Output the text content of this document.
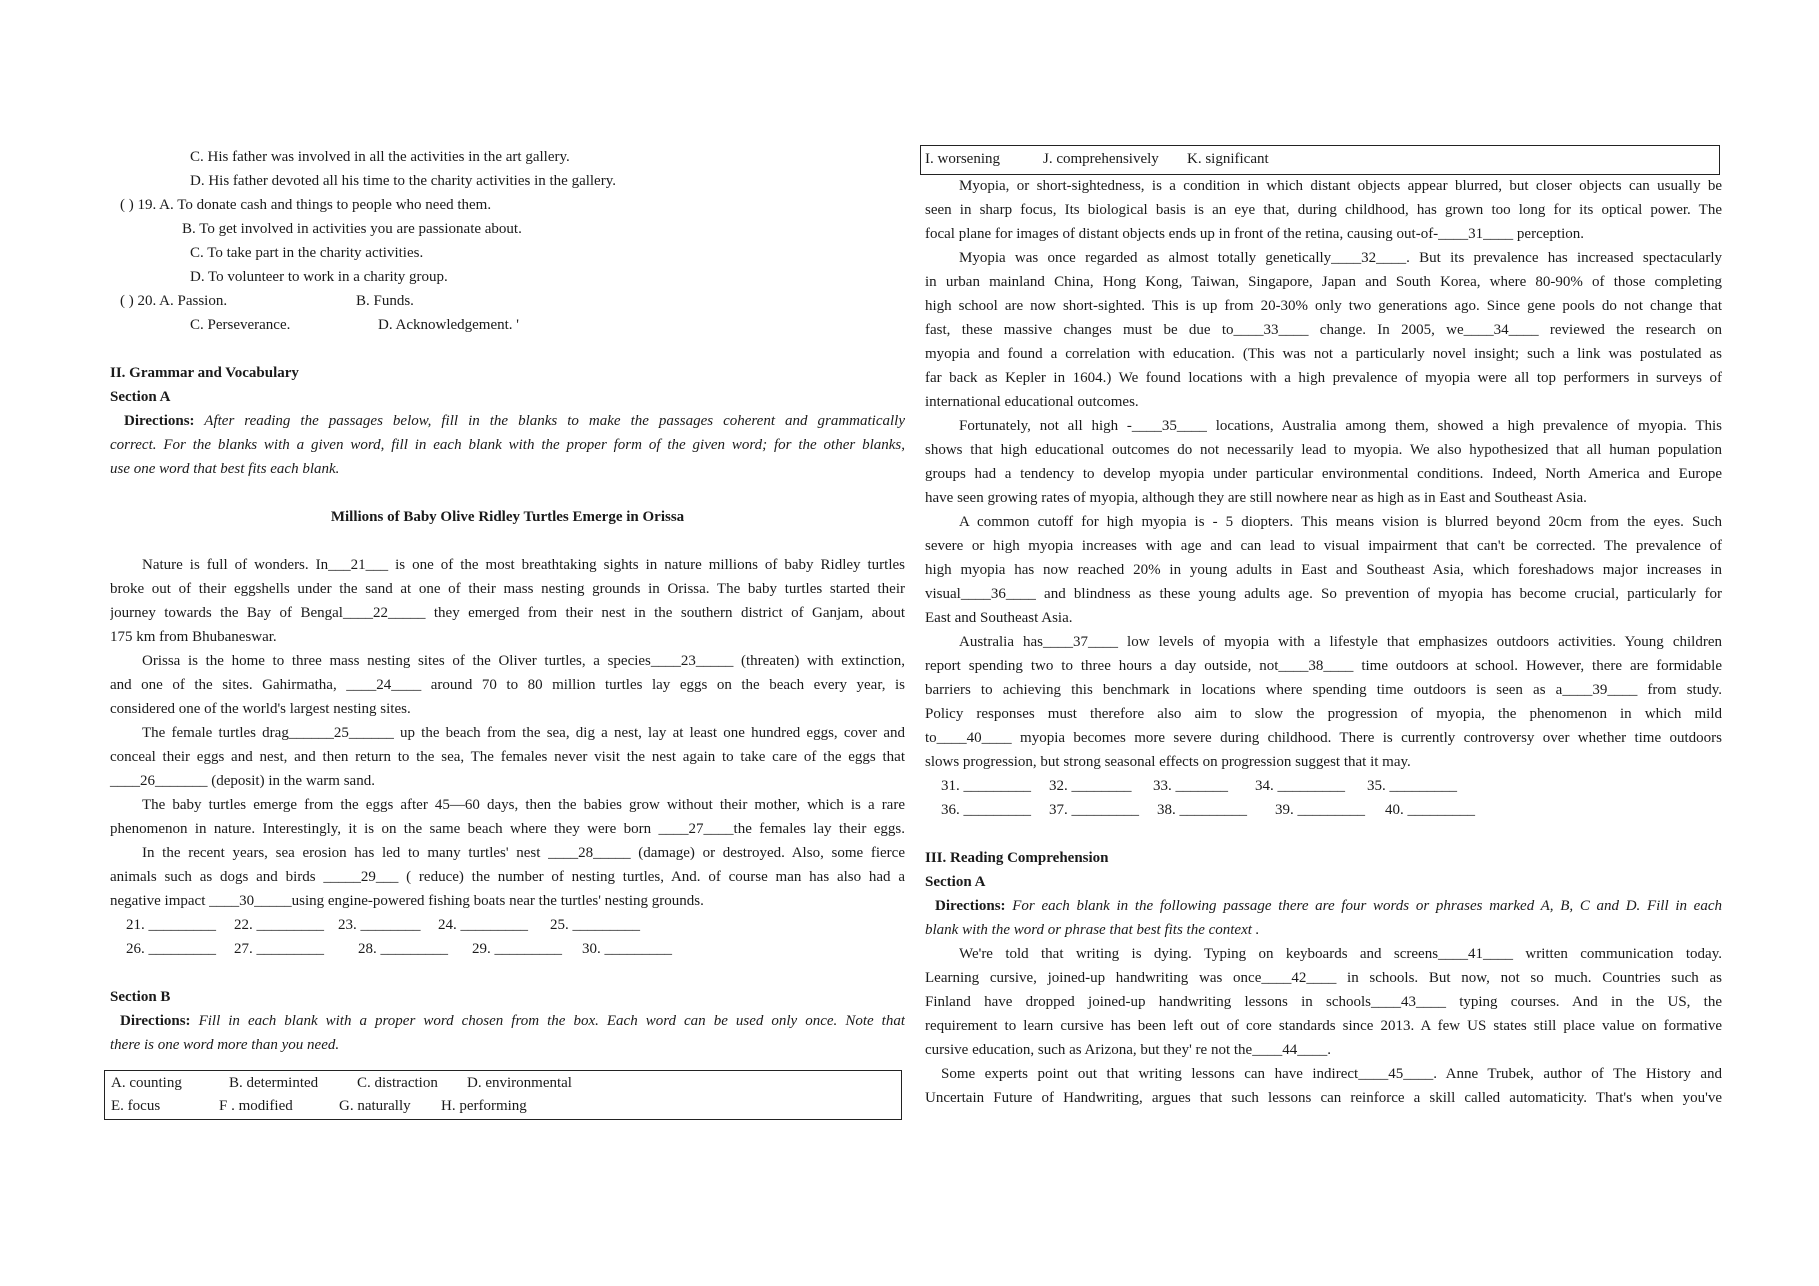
C. His father was involved in all the activities in the art gallery.
D. His father devoted all his time to the charity activities in the gallery.
( ) 19. A. To donate cash and things to people who need them.
B. To get involved in activities you are passionate about.
C. To take part in the charity activities.
D. To volunteer to work in a charity group.
( ) 20. A. Passion.	B. Funds.
C. Perseverance.	D. Acknowledgement. '
II. Grammar and Vocabulary
Section A
Directions: After reading the passages below, fill in the blanks to make the passages coherent and grammatically
correct. For the blanks with a given word, fill in each blank with the proper form of the given word; for the other blanks,
use one word that best fits each blank.
Millions of Baby Olive Ridley Turtles Emerge in Orissa
Nature is full of wonders. In___21___ is one of the most breathtaking sights in nature millions of baby Ridley turtles
broke out of their eggshells under the sand at one of their mass nesting grounds in Orissa. The baby turtles started their
journey towards the Bay of Bengal____22_____ they emerged from their nest in the southern district of Ganjam, about
175 km from Bhubaneswar.
Orissa is the home to three mass nesting sites of the Oliver turtles, a species____23_____ (threaten) with extinction,
and one of the sites. Gahirmatha, ____24____ around 70 to 80 million turtles lay eggs on the beach every year, is
considered one of the world's largest nesting sites.
The female turtles drag______25______ up the beach from the sea, dig a nest, lay at least one hundred eggs, cover and
conceal their eggs and nest, and then return to the sea, The females never visit the nest again to take care of the eggs that
____26_______ (deposit) in the warm sand.
The baby turtles emerge from the eggs after 45—60 days, then the babies grow without their mother, which is a rare
phenomenon in nature. Interestingly, it is on the same beach where they were born ____27____the females lay their eggs.
In the recent years, sea erosion has led to many turtles' nest ____28_____ (damage) or destroyed. Also, some fierce
animals such as dogs and birds _____29___ ( reduce) the number of nesting turtles, And. of course man has also had a
negative impact ____30_____using engine-powered fishing boats near the turtles' nesting grounds.
21. _________ 22. _________ 23. ________ 24. _________ 25. _________
26. _________ 27. _________ 28. _________ 29. _________ 30. _________
Section B
Directions: Fill in each blank with a proper word chosen from the box. Each word can be used only once. Note that
there is one word more than you need.
A. counting	B. determinted	C. distraction D. environmental
E. focus	F . modified	G. naturally H. performing
I. worsening	J. comprehensively K. significant
Myopia, or short-sightedness, is a condition in which distant objects appear blurred, but closer objects can usually be
seen in sharp focus, Its biological basis is an eye that, during childhood, has grown too long for its optical power. The
focal plane for images of distant objects ends up in front of the retina, causing out-of-____31____ perception.
Myopia was once regarded as almost totally genetically____32____. But its prevalence has increased spectacularly
in urban mainland China, Hong Kong, Taiwan, Singapore, Japan and South Korea, where 80-90% of those completing
high school are now short-sighted. This is up from 20-30% only two generations ago. Since gene pools do not change that
fast, these massive changes must be due to____33____ change. In 2005, we____34____ reviewed the research on
myopia and found a correlation with education. (This was not a particularly novel insight; such a link was postulated as
far back as Kepler in 1604.) We found locations with a high prevalence of myopia were all top performers in surveys of
international educational outcomes.
Fortunately, not all high -____35____ locations, Australia among them, showed a high prevalence of myopia. This
shows that high educational outcomes do not necessarily lead to myopia. We also hypothesized that all human population
groups had a tendency to develop myopia under particular environmental conditions. Indeed, North America and Europe
have seen growing rates of myopia, although they are still nowhere near as high as in East and Southeast Asia.
A common cutoff for high myopia is - 5 diopters. This means vision is blurred beyond 20cm from the eyes. Such
severe or high myopia increases with age and can lead to visual impairment that can't be corrected. The prevalence of
high myopia has now reached 20% in young adults in East and Southeast Asia, which foreshadows major increases in
visual____36____ and blindness as these young adults age. So prevention of myopia has become crucial, particularly for
East and Southeast Asia.
Australia has____37____ low levels of myopia with a lifestyle that emphasizes outdoors activities. Young children
report spending two to three hours a day outside, not____38____ time outdoors at school. However, there are formidable
barriers to achieving this benchmark in locations where spending time outdoors is seen as a____39____ from study.
Policy responses must therefore also aim to slow the progression of myopia, the phenomenon in which mild
to____40____ myopia becomes more severe during childhood. There is currently controversy over whether time outdoors
slows progression, but strong seasonal effects on progression suggest that it may.
31. _________ 32. ________ 33. _______ 34. _________ 35. _________
36. _________ 37. _________ 38. _________ 39. _________ 40. _________
III. Reading Comprehension
Section A
Directions: For each blank in the following passage there are four words or phrases marked A, B, C and D. Fill in each
blank with the word or phrase that best fits the context .
We're told that writing is dying. Typing on keyboards and screens____41____ written communication today.
Learning cursive, joined-up handwriting was once____42____ in schools. But now, not so much. Countries such as
Finland have dropped joined-up handwriting lessons in schools____43____ typing courses. And in the US, the
requirement to learn cursive has been left out of core standards since 2013. A few US states still place value on formative
cursive education, such as Arizona, but they' re not the____44____.
Some experts point out that writing lessons can have indirect____45____. Anne Trubek, author of The History and
Uncertain Future of Handwriting, argues that such lessons can reinforce a skill called automaticity. That's when you've
